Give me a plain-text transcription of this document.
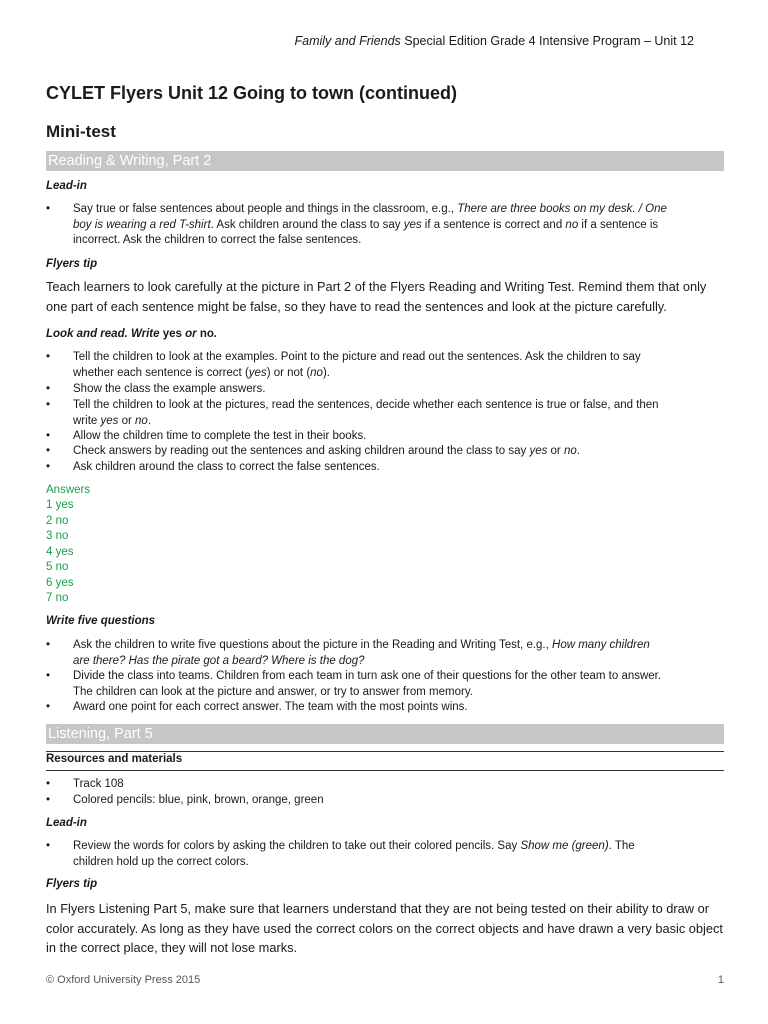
Family and Friends Special Edition Grade 4 Intensive Program – Unit 12
CYLET Flyers Unit 12 Going to town (continued)
Mini-test
Reading & Writing, Part 2
Lead-in
• Say true or false sentences about people and things in the classroom, e.g., There are three books on my desk. / One
boy is wearing a red T-shirt. Ask children around the class to say yes if a sentence is correct and no if a sentence is
incorrect. Ask the children to correct the false sentences.
Flyers tip
Teach learners to look carefully at the picture in Part 2 of the Flyers Reading and Writing Test. Remind them that only one part of each sentence might be false, so they have to read the sentences and look at the picture carefully.
Look and read. Write yes or no.
• Tell the children to look at the examples. Point to the picture and read out the sentences. Ask the children to say
whether each sentence is correct (yes) or not (no).
• Show the class the example answers.
• Tell the children to look at the pictures, read the sentences, decide whether each sentence is true or false, and then
write yes or no.
• Allow the children time to complete the test in their books.
• Check answers by reading out the sentences and asking children around the class to say yes or no.
• Ask children around the class to correct the false sentences.
Answers
1 yes
2 no
3 no
4 yes
5 no
6 yes
7 no
Write five questions
• Ask the children to write five questions about the picture in the Reading and Writing Test, e.g., How many children
are there? Has the pirate got a beard? Where is the dog?
• Divide the class into teams. Children from each team in turn ask one of their questions for the other team to answer.
The children can look at the picture and answer, or try to answer from memory.
• Award one point for each correct answer. The team with the most points wins.
Listening, Part 5
Resources and materials
• Track 108
• Colored pencils: blue, pink, brown, orange, green
Lead-in
• Review the words for colors by asking the children to take out their colored pencils. Say Show me (green). The
children hold up the correct colors.
Flyers tip
In Flyers Listening Part 5, make sure that learners understand that they are not being tested on their ability to draw or color accurately. As long as they have used the correct colors on the correct objects and have drawn a very basic object in the correct place, they will not lose marks.
© Oxford University Press 2015	1
